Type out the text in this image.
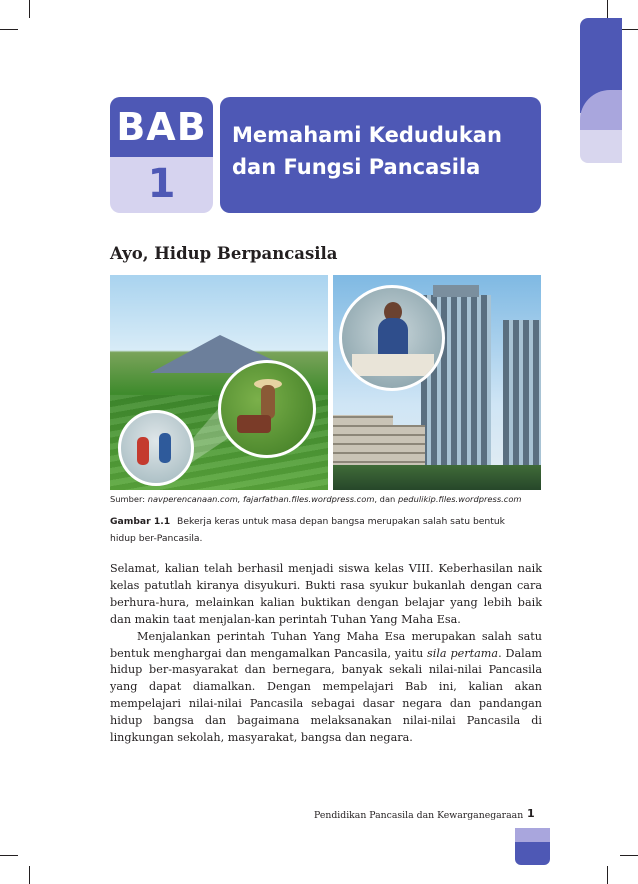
BAB
1
Memahami Kedudukan
dan Fungsi Pancasila
Ayo, Hidup Berpancasila
Sumber: navperencanaan.com, fajarfathan.files.wordpress.com, dan pedulikip.files.wordpress.com
Gambar 1.1 Bekerja keras untuk masa depan bangsa merupakan salah satu bentuk hidup ber-Pancasila.

Selamat, kalian telah berhasil menjadi siswa kelas VIII. Keberhasilan naik kelas patutlah kiranya disyukuri. Bukti rasa syukur bukanlah dengan cara berhura-hura, melainkan kalian buktikan dengan belajar yang lebih baik dan makin taat menjalan-kan perintah Tuhan Yang Maha Esa.

Menjalankan perintah Tuhan Yang Maha Esa merupakan salah satu bentuk menghargai dan mengamalkan Pancasila, yaitu sila pertama. Dalam hidup ber-masyarakat dan bernegara, banyak sekali nilai-nilai Pancasila yang dapat diamalkan. Dengan mempelajari Bab ini, kalian akan mempelajari nilai-nilai Pancasila sebagai dasar negara dan pandangan hidup bangsa dan bagaimana melaksanakan nilai-nilai Pancasila di lingkungan sekolah, masyarakat, bangsa dan negara.

Pendidikan Pancasila dan Kewarganegaraan 1
